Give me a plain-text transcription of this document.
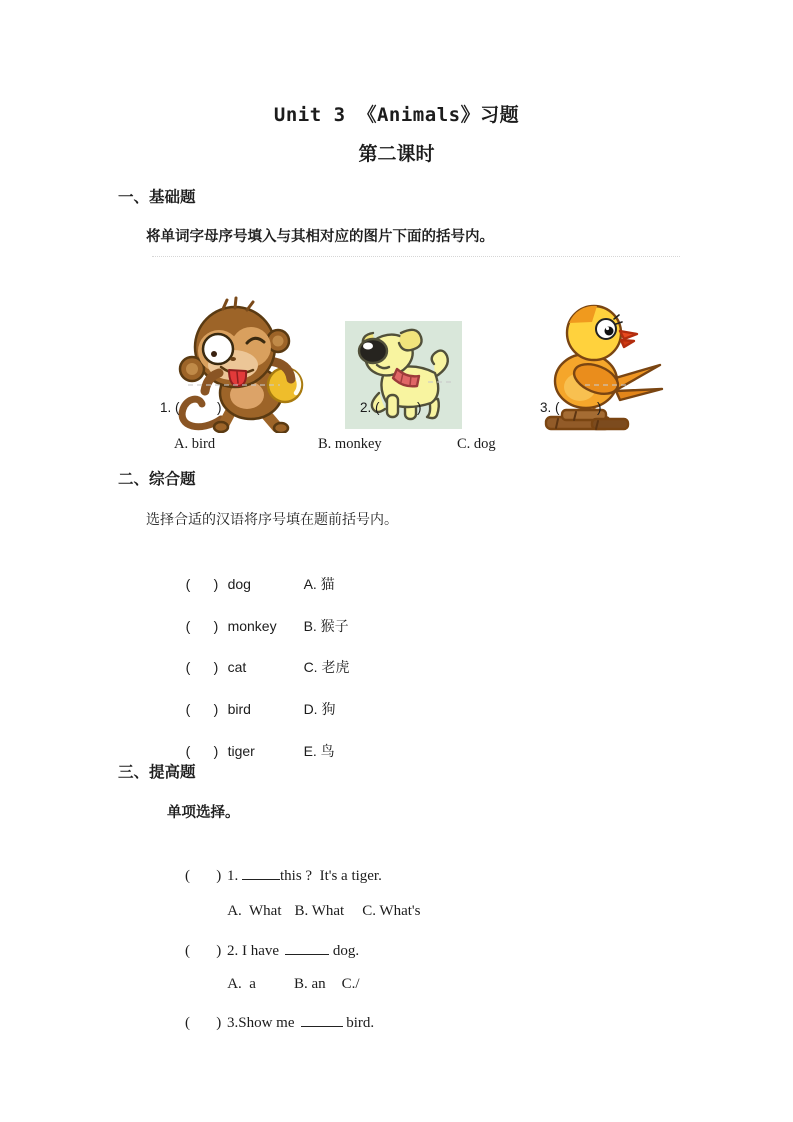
Unit 3 《Animals》习题
第二课时
一、基础题
将单词字母序号填入与其相对应的图片下面的括号内。

1. (          )	2. (          )	3. (          )
A. bird	B. monkey	C. dog
二、综合题
选择合适的汉语将序号填在题前括号内。

(      ) dog	A. 猫

(      ) monkey B. 猴子

(      ) cat	C. 老虎

(      ) bird	D. 狗

(      ) tiger	E. 鸟

三、提高题
单项选择。

(       ) 1.	this ?  It's a tiger.

A.  What B. What C. What's

(       ) 2. I have	dog.

A.  a	B. an C./

(       ) 3.Show me	bird.
